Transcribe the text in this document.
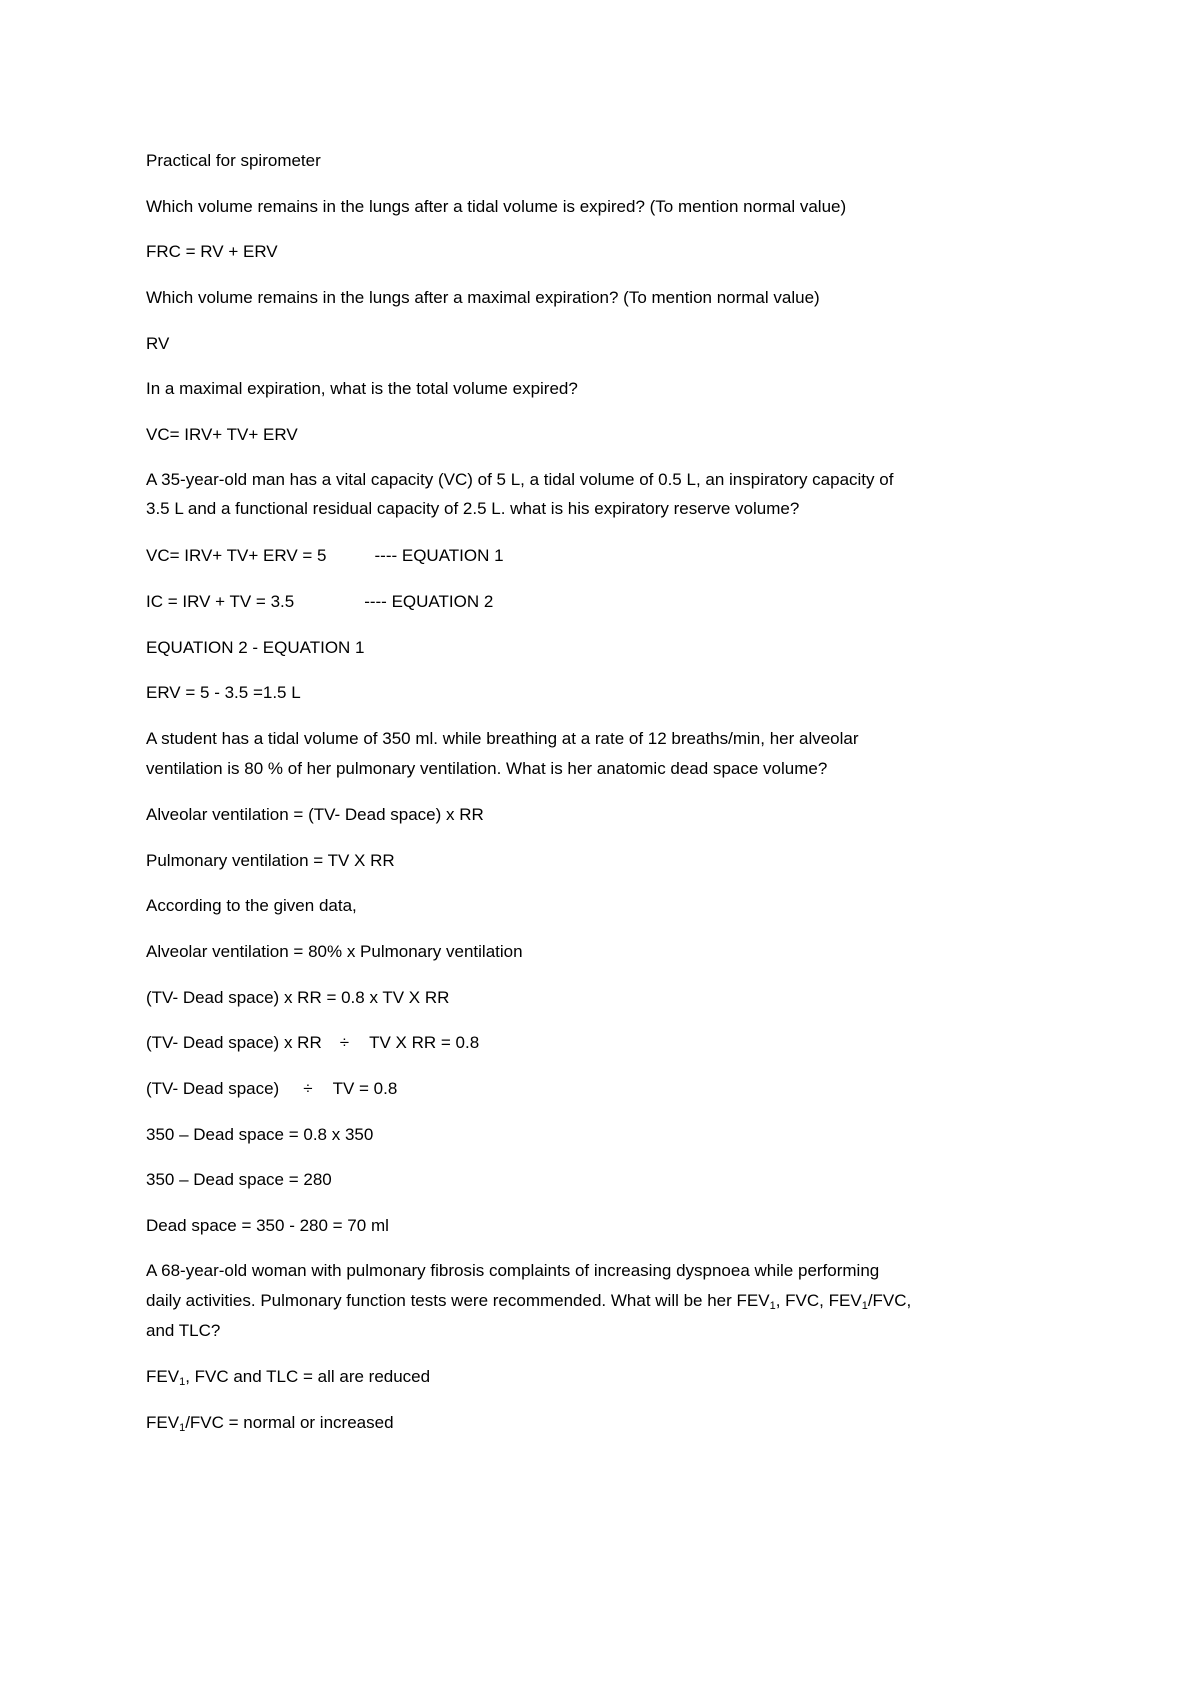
Practical for spirometer

Which volume remains in the lungs after a tidal volume is expired? (To mention normal value)

FRC = RV + ERV

Which volume remains in the lungs after a maximal expiration? (To mention normal value)

RV

In a maximal expiration, what is the total volume expired?

VC= IRV+ TV+ ERV

A 35-year-old man has a vital capacity (VC) of 5 L, a tidal volume of 0.5 L, an inspiratory capacity of

3.5 L and a functional residual capacity of 2.5 L. what is his expiratory reserve volume?

VC= IRV+ TV+ ERV = 5	---- EQUATION 1

IC = IRV + TV = 3.5	---- EQUATION 2

EQUATION 2 - EQUATION 1

ERV = 5 - 3.5 =1.5 L

A student has a tidal volume of 350 ml. while breathing at a rate of 12 breaths/min, her alveolar

ventilation is 80 % of her pulmonary ventilation. What is her anatomic dead space volume?

Alveolar ventilation = (TV- Dead space) x RR

Pulmonary ventilation = TV X RR

According to the given data,

Alveolar ventilation = 80% x Pulmonary ventilation

(TV- Dead space) x RR = 0.8 x TV X RR

(TV- Dead space) x RR ÷ TV X RR = 0.8

(TV- Dead space) ÷ TV = 0.8

350 – Dead space = 0.8 x 350

350 – Dead space = 280

Dead space = 350 - 280 = 70 ml

A 68-year-old woman with pulmonary fibrosis complaints of increasing dyspnoea while performing

daily activities. Pulmonary function tests were recommended. What will be her $FEV_1$, FVC, $FEV_1$/FVC,

and TLC?

$FEV_1$, FVC and TLC = all are reduced

$FEV_1$/FVC = normal or increased
